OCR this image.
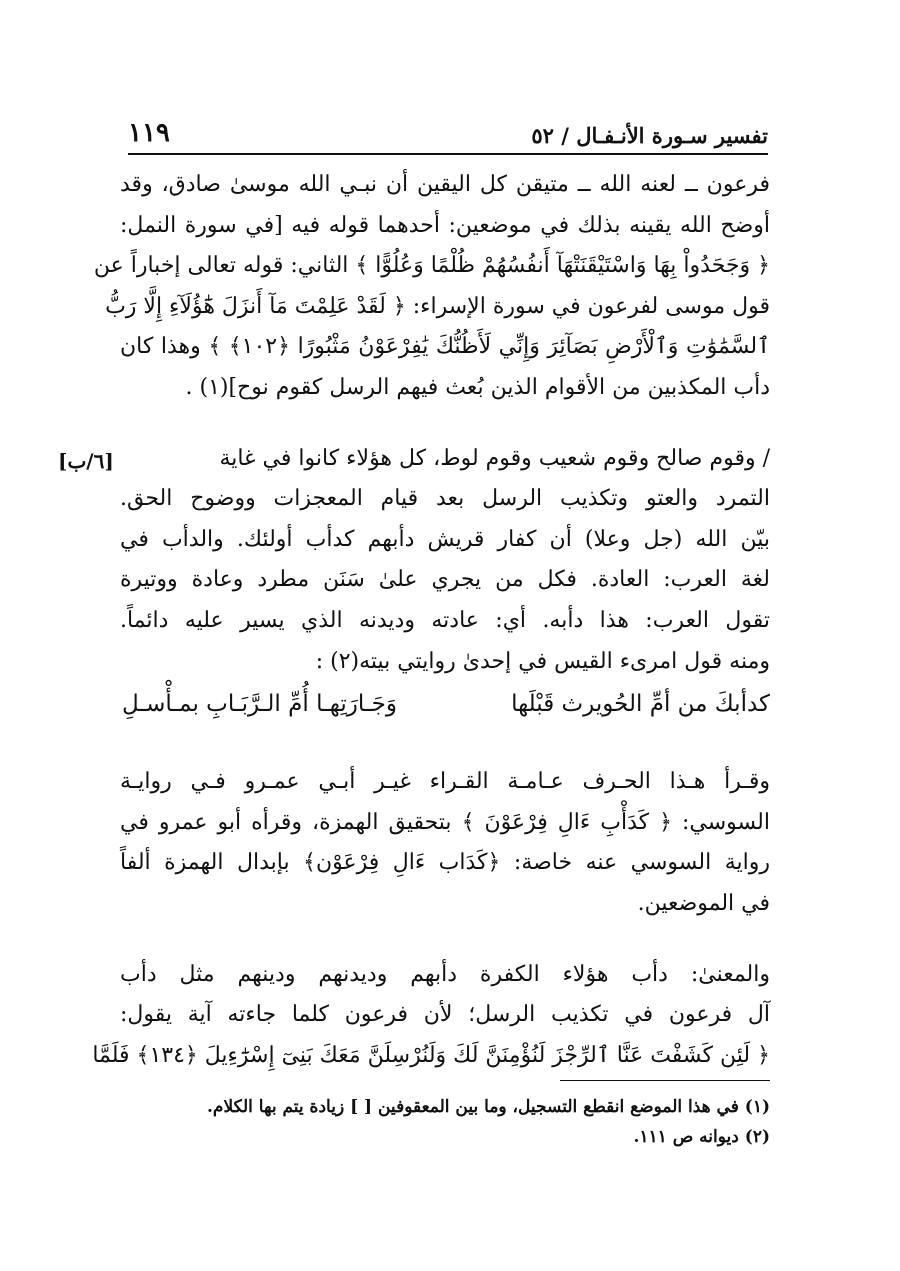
١١٩	تفسير سـورة الأنـفـال / ٥٢
[٦/ب]
فرعون ــ لعنه الله ــ متيقن كل اليقين أن نبـي الله موسىٰ صادق، وقد
أوضح الله يقينه بذلك في موضعين: أحدهما قوله فيه [في سورة النمل:
﴿ وَجَحَدُواْ بِهَا وَاسْتَيْقَنَتْهَآ أَنفُسُهُمْ ظُلْمًا وَعُلُوًّا ﴾ الثاني: قوله تعالى إخباراً عن
قول موسى لفرعون في سورة الإسراء: ﴿ لَقَدْ عَلِمْتَ مَآ أَنزَلَ هَٰٓؤُلَآءِ إِلَّا رَبُّ
ٱلسَّمَٰوَٰتِ وَٱلْأَرْضِ بَصَآئِرَ وَإِنِّي لَأَظُنُّكَ يَٰفِرْعَوْنُ مَثْبُورًا ﴿١٠٢﴾ ﴾ وهذا كان
دأب المكذبين من الأقوام الذين بُعث فيهم الرسل كقوم نوح](١) .
/ وقوم صالح وقوم شعيب وقوم لوط، كل هؤلاء كانوا في غاية
التمرد والعتو وتكذيب الرسل بعد قيام المعجزات ووضوح الحق.
بيّن الله (جل وعلا) أن كفار قريش دأبهم كدأب أولئك. والدأب في
لغة العرب: العادة. فكل من يجري علىٰ سَنَن مطرد وعادة ووتيرة
تقول العرب: هذا دأبه. أي: عادته وديدنه الذي يسير عليه دائماً.
ومنه قول امرىء القيس في إحدىٰ روايتي بيته(٢) :
كدأبكَ من أمِّ الحُويرث قَبْلَها
وَجَـارَتِهـا أُمِّ الـرَّبَـابِ بمـأْسـلِ
وقـرأ هـذا الحـرف عـامـة القـراء غيـر أبـي عمـرو فـي روايـة
السوسي: ﴿ كَدَأْبِ ءَالِ فِرْعَوْنَ ﴾ بتحقيق الهمزة، وقرأه أبو عمرو في
رواية السوسي عنه خاصة: ﴿كَدَاب ءَالِ فِرْعَوْن﴾ بإبدال الهمزة ألفاً
في الموضعين.
والمعنىٰ: دأب هؤلاء الكفرة دأبهم وديدنهم ودينهم مثل دأب
آل فرعون في تكذيب الرسل؛ لأن فرعون كلما جاءته آية يقول:
﴿ لَئِن كَشَفْتَ عَنَّا ٱلرِّجْزَ لَنُؤْمِنَنَّ لَكَ وَلَنُرْسِلَنَّ مَعَكَ بَنِىٓ إِسْرَٰٓءِيلَ ﴿١٣٤﴾ فَلَمَّا
(١) في هذا الموضع انقطع التسجيل، وما بين المعقوفين [ ] زيادة يتم بها الكلام.
(٢) ديوانه ص ١١١.
